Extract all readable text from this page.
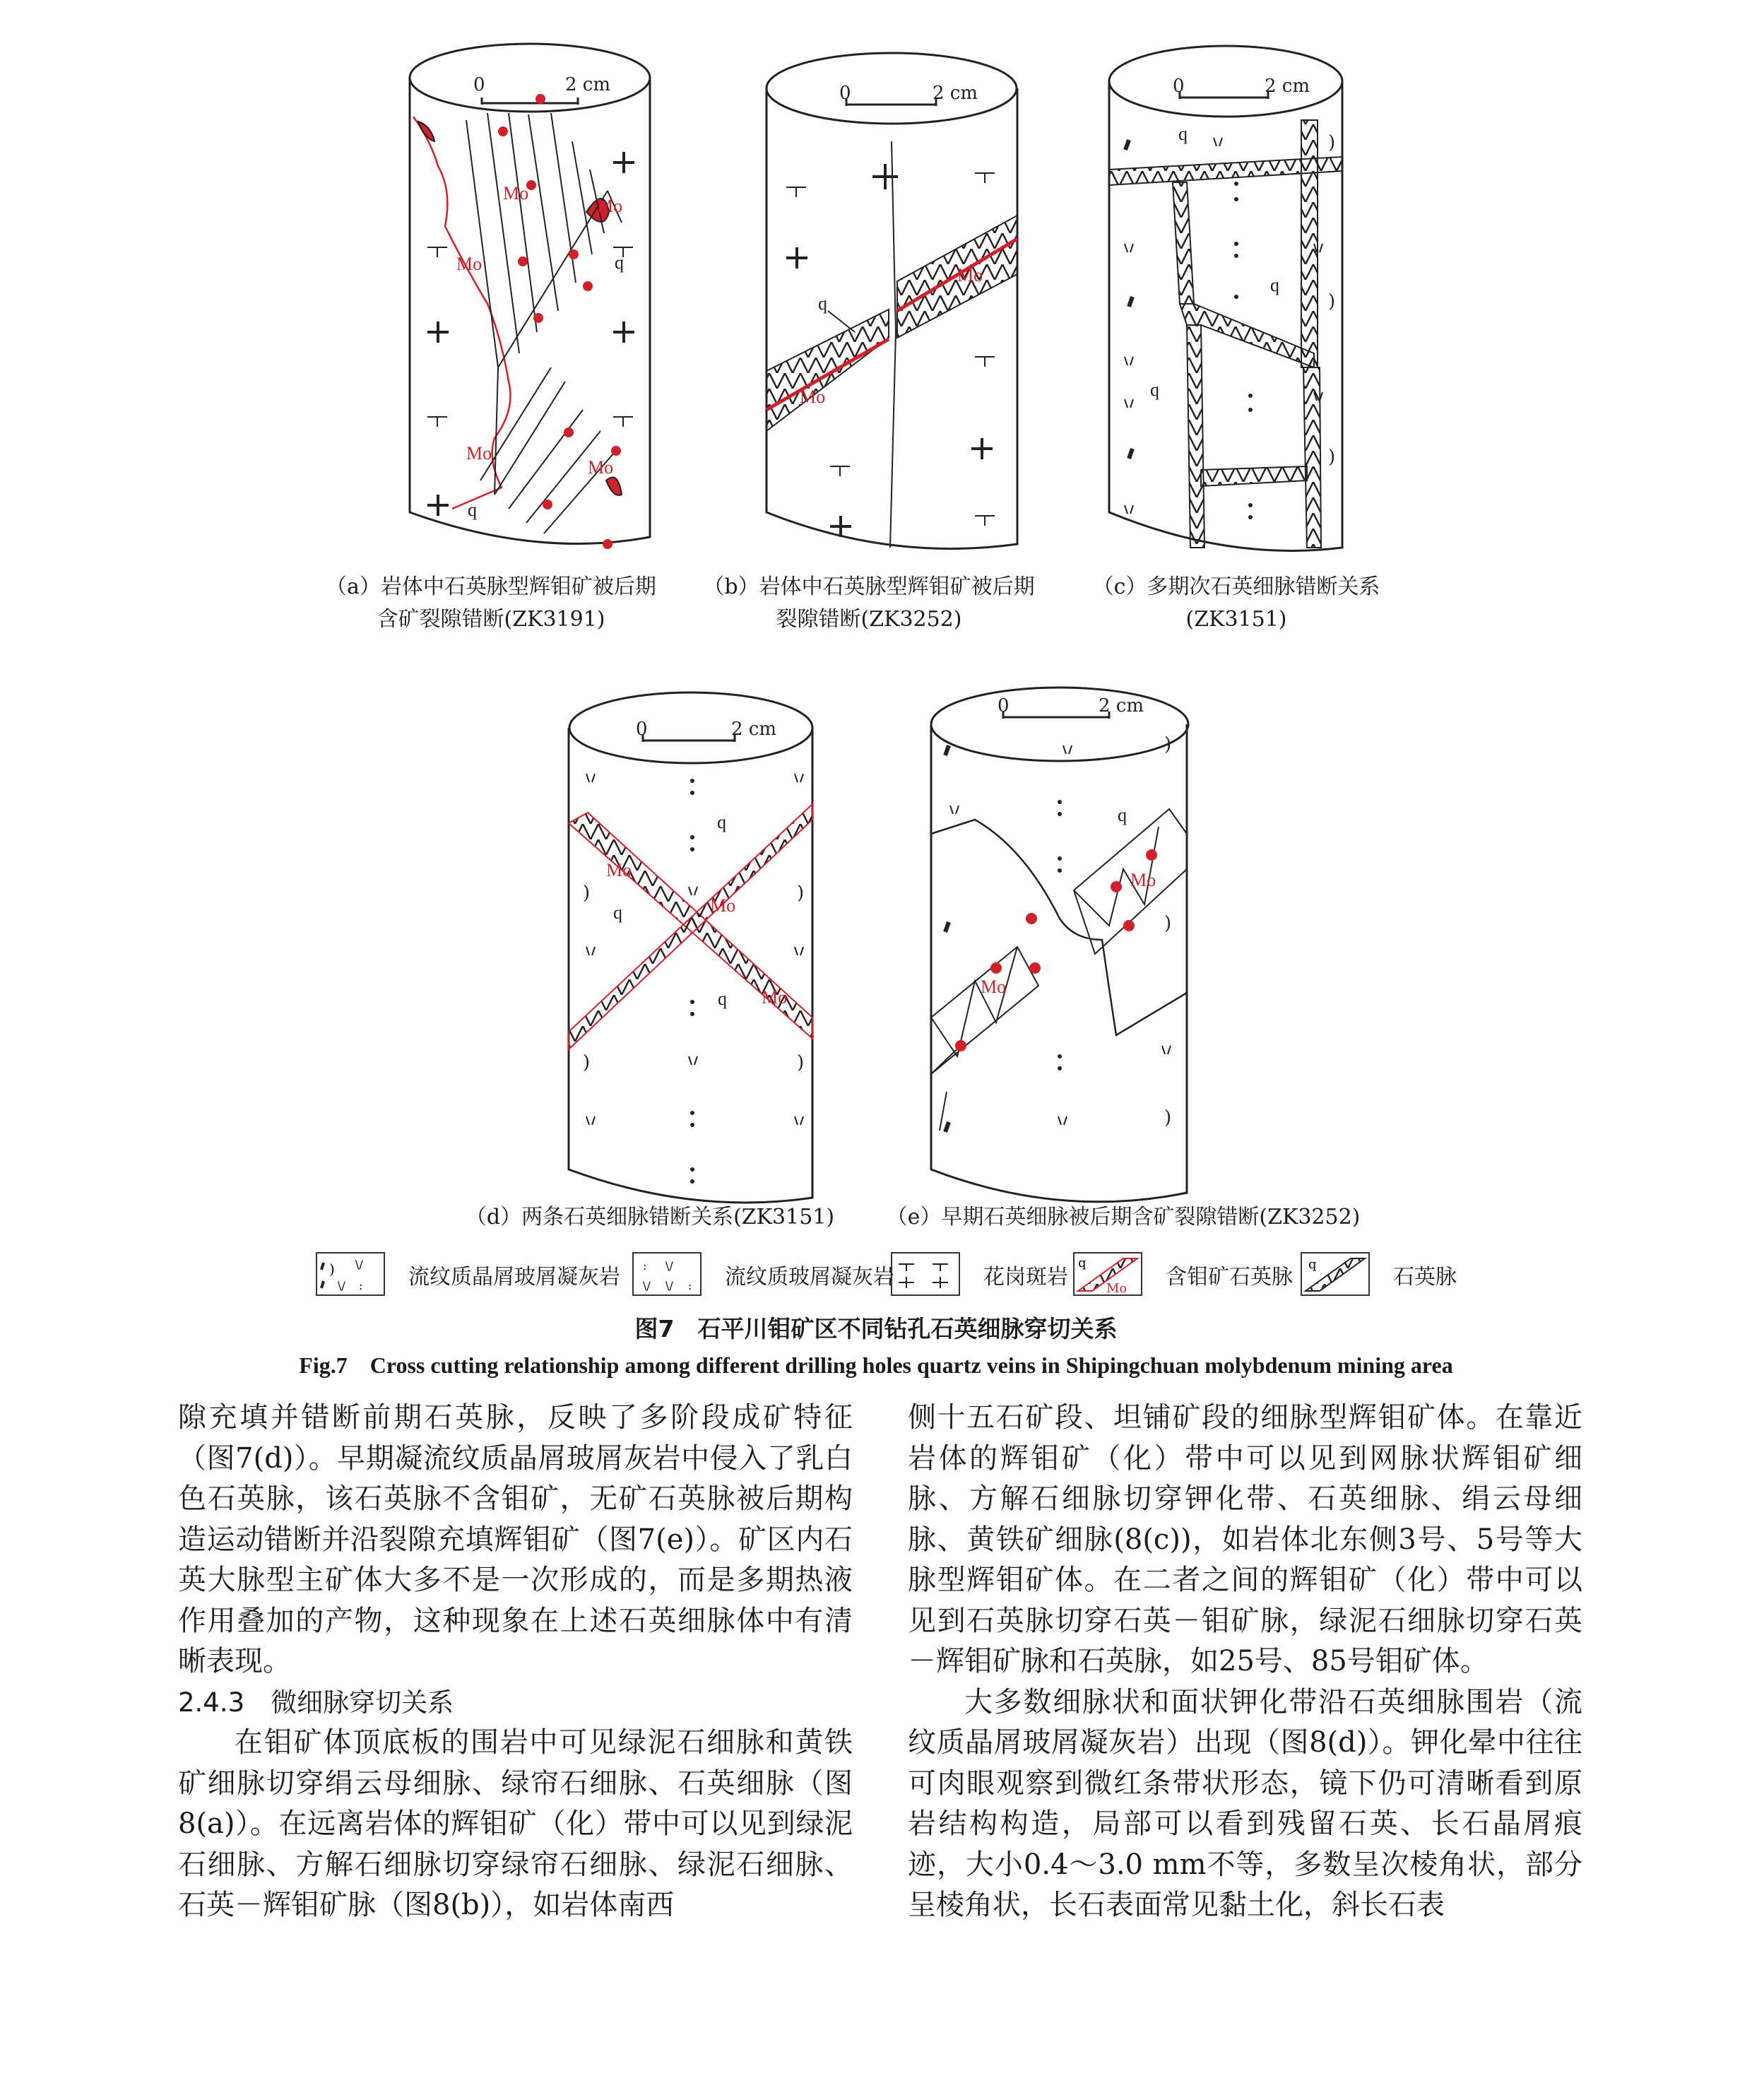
Mo
Mo
Mo
Mo
Mo
q
q
0	2 cm	0	2 cm
Mo
Mo
q
0	2 cm
q
q
q
)
)
)
0	2 cm
Mo
Mo
Mo
q
q
q
)	)
)	)
0	2 cm
Mo
Mo
q
)
)
)
) \/
\/ :
: \/
\/ \/ :
q
Mo
q
（a）岩体中石英脉型辉钼矿被后期
含矿裂隙错断(ZK3191)
（b）岩体中石英脉型辉钼矿被后期
裂隙错断(ZK3252)
（c）多期次石英细脉错断关系
(ZK3151)
（d）两条石英细脉错断关系(ZK3151)	（e）早期石英细脉被后期含矿裂隙错断(ZK3252)
流纹质晶屑玻屑凝灰岩	流纹质玻屑凝灰岩	花岗斑岩	含钼矿石英脉	石英脉
图7　石平川钼矿区不同钻孔石英细脉穿切关系
Fig.7　Cross cutting relationship among different drilling holes quartz veins in Shipingchuan molybdenum mining area

隙充填并错断前期石英脉，反映了多阶段成矿特征（图7(d)）。早期凝流纹质晶屑玻屑灰岩中侵入了乳白色石英脉，该石英脉不含钼矿，无矿石英脉被后期构造运动错断并沿裂隙充填辉钼矿（图7(e)）。矿区内石英大脉型主矿体大多不是一次形成的，而是多期热液作用叠加的产物，这种现象在上述石英细脉体中有清晰表现。

2.4.3　微细脉穿切关系

在钼矿体顶底板的围岩中可见绿泥石细脉和黄铁矿细脉切穿绢云母细脉、绿帘石细脉、石英细脉（图8(a)）。在远离岩体的辉钼矿（化）带中可以见到绿泥石细脉、方解石细脉切穿绿帘石细脉、绿泥石细脉、石英－辉钼矿脉（图8(b)），如岩体南西

侧十五石矿段、坦铺矿段的细脉型辉钼矿体。在靠近岩体的辉钼矿（化）带中可以见到网脉状辉钼矿细脉、方解石细脉切穿钾化带、石英细脉、绢云母细脉、黄铁矿细脉(8(c))，如岩体北东侧3号、5号等大脉型辉钼矿体。在二者之间的辉钼矿（化）带中可以见到石英脉切穿石英－钼矿脉，绿泥石细脉切穿石英－辉钼矿脉和石英脉，如25号、85号钼矿体。

大多数细脉状和面状钾化带沿石英细脉围岩（流纹质晶屑玻屑凝灰岩）出现（图8(d)）。钾化晕中往往可肉眼观察到微红条带状形态，镜下仍可清晰看到原岩结构构造，局部可以看到残留石英、长石晶屑痕迹，大小0.4～3.0 mm不等，多数呈次棱角状，部分呈棱角状，长石表面常见黏土化，斜长石表
